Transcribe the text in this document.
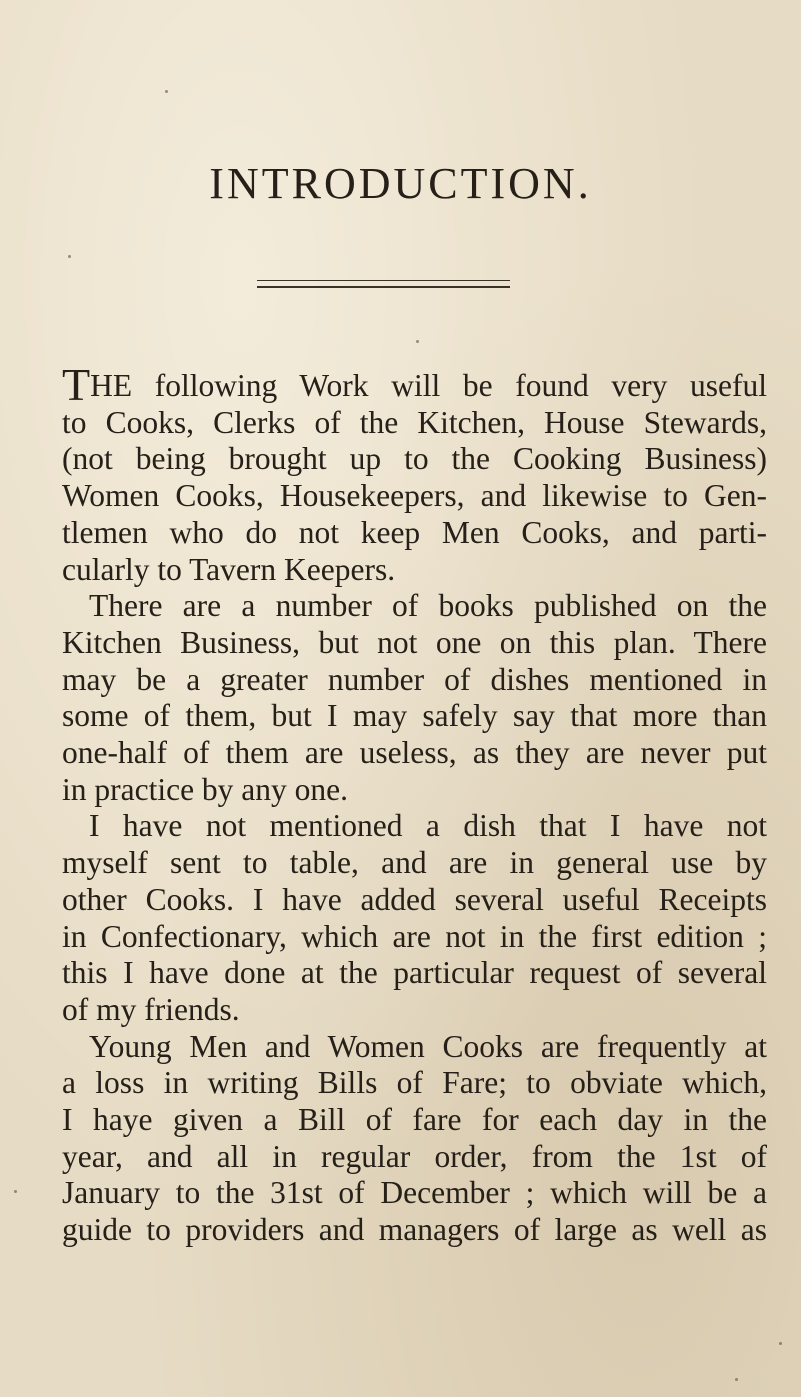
INTRODUCTION.
THE following Work will be found very useful
to Cooks, Clerks of the Kitchen, House Stewards,
(not being brought up to the Cooking Business)
Women Cooks, Housekeepers, and likewise to Gen-
tlemen who do not keep Men Cooks, and parti-
cularly to Tavern Keepers.
There are a number of books published on the
Kitchen Business, but not one on this plan. There
may be a greater number of dishes mentioned in
some of them, but I may safely say that more than
one-half of them are useless, as they are never put
in practice by any one.
I have not mentioned a dish that I have not
myself sent to table, and are in general use by
other Cooks. I have added several useful Receipts
in Confectionary, which are not in the first edition ;
this I have done at the particular request of several
of my friends.
Young Men and Women Cooks are frequently at
a loss in writing Bills of Fare; to obviate which,
I haye given a Bill of fare for each day in the
year, and all in regular order, from the 1st of
January to the 31st of December ; which will be a
guide to providers and managers of large as well as
